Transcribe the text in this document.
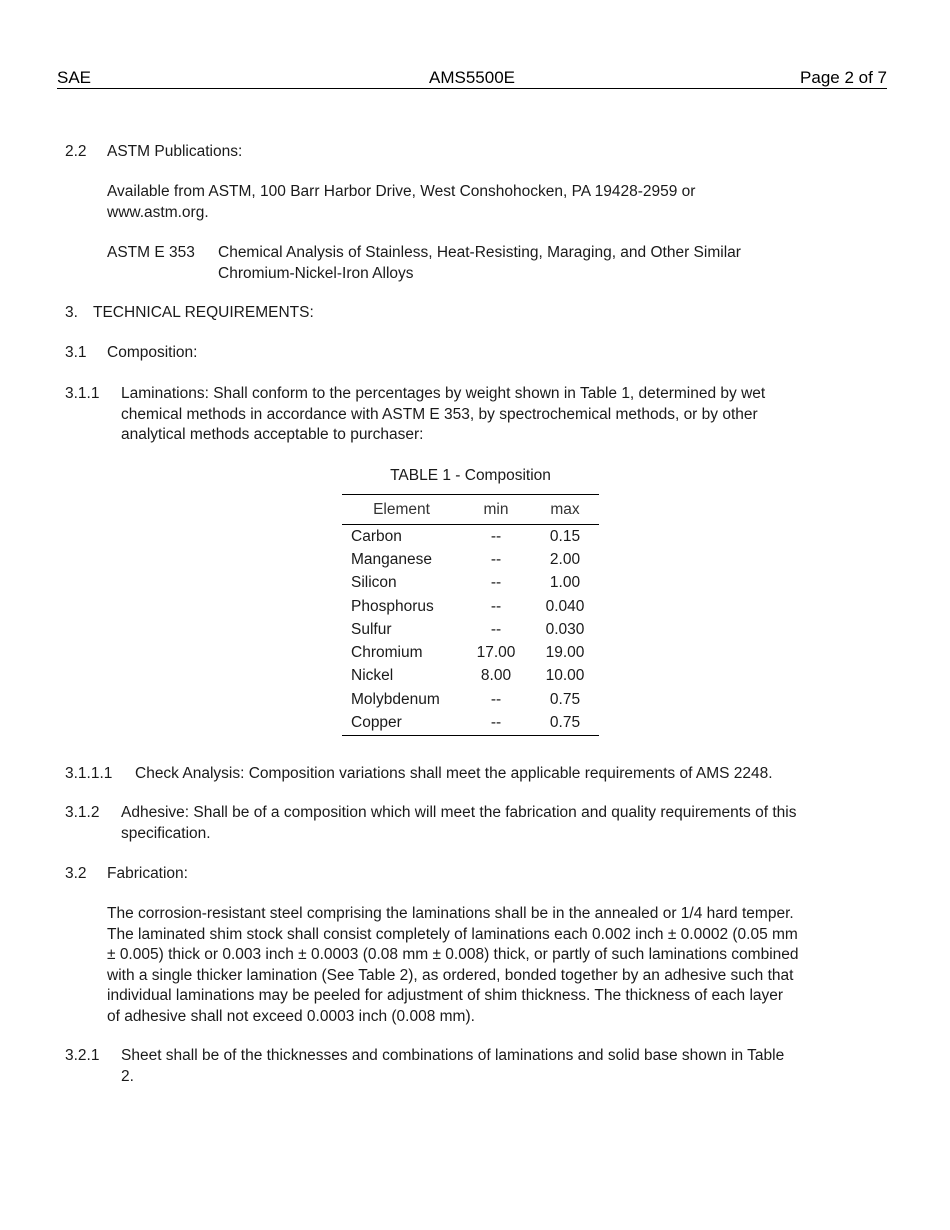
SAE	AMS5500E	Page 2 of 7
2.2 ASTM Publications:
Available from ASTM, 100 Barr Harbor Drive, West Conshohocken, PA 19428-2959 or
www.astm.org.
ASTM E 353 Chemical Analysis of Stainless, Heat-Resisting, Maraging, and Other Similar
Chromium-Nickel-Iron Alloys
3. TECHNICAL REQUIREMENTS:
3.1 Composition:
3.1.1 Laminations: Shall conform to the percentages by weight shown in Table 1, determined by wet
chemical methods in accordance with ASTM E 353, by spectrochemical methods, or by other
analytical methods acceptable to purchaser:
TABLE 1 - Composition
Element	min	max
Carbon	--	0.15
Manganese	--	2.00
Silicon	--	1.00
Phosphorus	--	0.040
Sulfur	--	0.030
Chromium	17.00	19.00
Nickel	8.00	10.00
Molybdenum	--	0.75
Copper	--	0.75
3.1.1.1 Check Analysis: Composition variations shall meet the applicable requirements of AMS 2248.
3.1.2 Adhesive: Shall be of a composition which will meet the fabrication and quality requirements of this
specification.
3.2 Fabrication:
The corrosion-resistant steel comprising the laminations shall be in the annealed or 1/4 hard temper.
The laminated shim stock shall consist completely of laminations each 0.002 inch ± 0.0002 (0.05 mm
± 0.005) thick or 0.003 inch ± 0.0003 (0.08 mm ± 0.008) thick, or partly of such laminations combined
with a single thicker lamination (See Table 2), as ordered, bonded together by an adhesive such that
individual laminations may be peeled for adjustment of shim thickness. The thickness of each layer
of adhesive shall not exceed 0.0003 inch (0.008 mm).
3.2.1 Sheet shall be of the thicknesses and combinations of laminations and solid base shown in Table
2.
